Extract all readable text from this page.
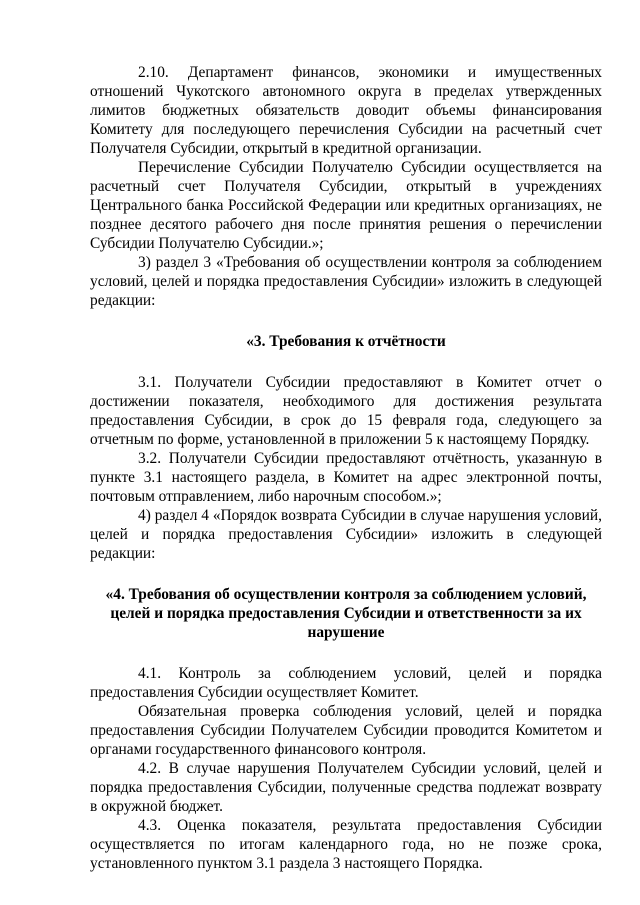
2.10. Департамент финансов, экономики и имущественных отношений Чукотского автономного округа в пределах утвержденных лимитов бюджетных обязательств доводит объемы финансирования Комитету для последующего перечисления Субсидии на расчетный счет Получателя Субсидии, открытый в кредитной организации.

Перечисление Субсидии Получателю Субсидии осуществляется на расчетный счет Получателя Субсидии, открытый в учреждениях Центрального банка Российской Федерации или кредитных организациях, не позднее десятого рабочего дня после принятия решения о перечислении Субсидии Получателю Субсидии.»;

3) раздел 3 «Требования об осуществлении контроля за соблюдением условий, целей и порядка предоставления Субсидии» изложить в следующей редакции:

«3. Требования к отчётности

3.1. Получатели Субсидии предоставляют в Комитет отчет о достижении показателя, необходимого для достижения результата предоставления Субсидии, в срок до 15 февраля года, следующего за отчетным по форме, установленной в приложении 5 к настоящему Порядку.

3.2. Получатели Субсидии предоставляют отчётность, указанную в пункте 3.1 настоящего раздела, в Комитет на адрес электронной почты, почтовым отправлением, либо нарочным способом.»;

4) раздел 4 «Порядок возврата Субсидии в случае нарушения условий, целей и порядка предоставления Субсидии» изложить в следующей редакции:

«4. Требования об осуществлении контроля за соблюдением условий, целей и порядка предоставления Субсидии и ответственности за их нарушение

4.1. Контроль за соблюдением условий, целей и порядка предоставления Субсидии осуществляет Комитет.

Обязательная проверка соблюдения условий, целей и порядка предоставления Субсидии Получателем Субсидии проводится Комитетом и органами государственного финансового контроля.

4.2. В случае нарушения Получателем Субсидии условий, целей и порядка предоставления Субсидии, полученные средства подлежат возврату в окружной бюджет.

4.3. Оценка показателя, результата предоставления Субсидии осуществляется по итогам календарного года, но не позже срока, установленного пунктом 3.1 раздела 3 настоящего Порядка.
